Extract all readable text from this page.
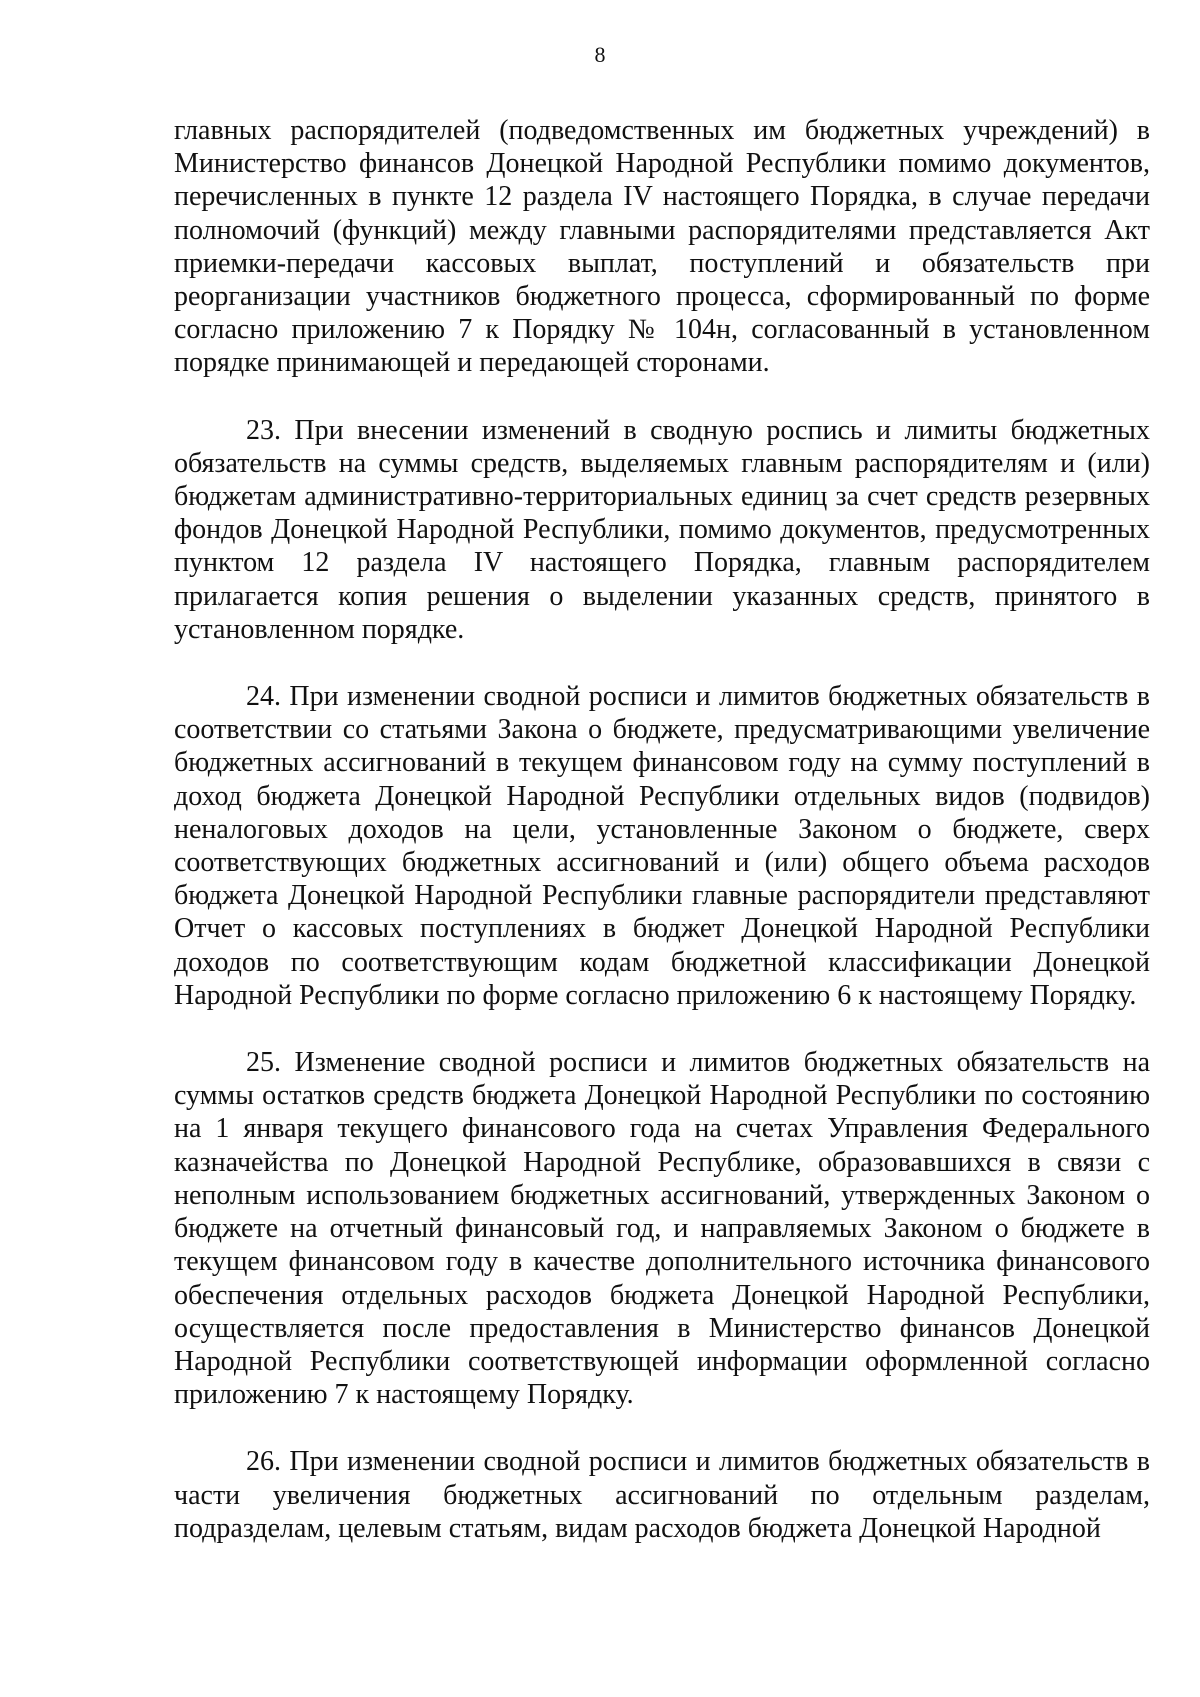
8

главных распорядителей (подведомственных им бюджетных учреждений) в Министерство финансов Донецкой Народной Республики помимо документов, перечисленных в пункте 12 раздела IV настоящего Порядка, в случае передачи полномочий (функций) между главными распорядителями представляется Акт приемки-передачи кассовых выплат, поступлений и обязательств при реорганизации участников бюджетного процесса, сформированный по форме согласно приложению 7 к Порядку № 104н, согласованный в установленном порядке принимающей и передающей сторонами.

23. При внесении изменений в сводную роспись и лимиты бюджетных обязательств на суммы средств, выделяемых главным распорядителям и (или) бюджетам административно-территориальных единиц за счет средств резервных фондов Донецкой Народной Республики, помимо документов, предусмотренных пунктом 12 раздела IV настоящего Порядка, главным распорядителем прилагается копия решения о выделении указанных средств, принятого в установленном порядке.

24. При изменении сводной росписи и лимитов бюджетных обязательств в соответствии со статьями Закона о бюджете, предусматривающими увеличение бюджетных ассигнований в текущем финансовом году на сумму поступлений в доход бюджета Донецкой Народной Республики отдельных видов (подвидов) неналоговых доходов на цели, установленные Законом о бюджете, сверх соответствующих бюджетных ассигнований и (или) общего объема расходов бюджета Донецкой Народной Республики главные распорядители представляют Отчет о кассовых поступлениях в бюджет Донецкой Народной Республики доходов по соответствующим кодам бюджетной классификации Донецкой Народной Республики по форме согласно приложению 6 к настоящему Порядку.

25. Изменение сводной росписи и лимитов бюджетных обязательств на суммы остатков средств бюджета Донецкой Народной Республики по состоянию на 1 января текущего финансового года на счетах Управления Федерального казначейства по Донецкой Народной Республике, образовавшихся в связи с неполным использованием бюджетных ассигнований, утвержденных Законом о бюджете на отчетный финансовый год, и направляемых Законом о бюджете в текущем финансовом году в качестве дополнительного источника финансового обеспечения отдельных расходов бюджета Донецкой Народной Республики, осуществляется после предоставления в Министерство финансов Донецкой Народной Республики соответствующей информации оформленной согласно приложению 7 к настоящему Порядку.

26. При изменении сводной росписи и лимитов бюджетных обязательств в части увеличения бюджетных ассигнований по отдельным разделам, подразделам, целевым статьям, видам расходов бюджета Донецкой Народной
